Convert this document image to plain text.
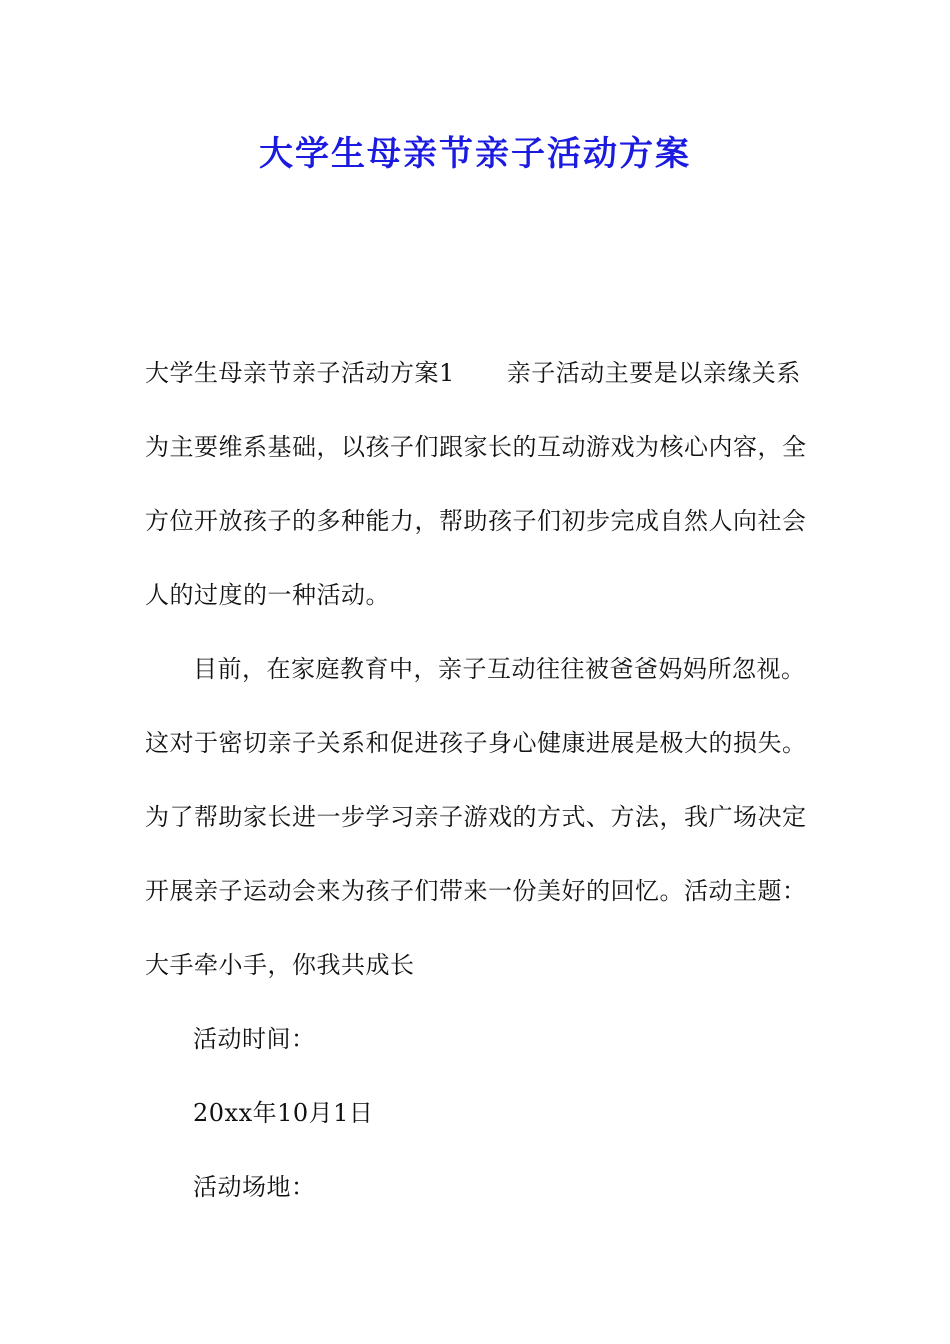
大学生母亲节亲子活动方案
大学生母亲节亲子活动方案1 亲子活动主要是以亲缘关系
为主要维系基础，以孩子们跟家长的互动游戏为核心内容，全
方位开放孩子的多种能力，帮助孩子们初步完成自然人向社会
人的过度的一种活动。
目前，在家庭教育中，亲子互动往往被爸爸妈妈所忽视。
这对于密切亲子关系和促进孩子身心健康进展是极大的损失。
为了帮助家长进一步学习亲子游戏的方式、方法，我广场决定
开展亲子运动会来为孩子们带来一份美好的回忆。活动主题：
大手牵小手，你我共成长
活动时间：
20xx年10月1日
活动场地：
